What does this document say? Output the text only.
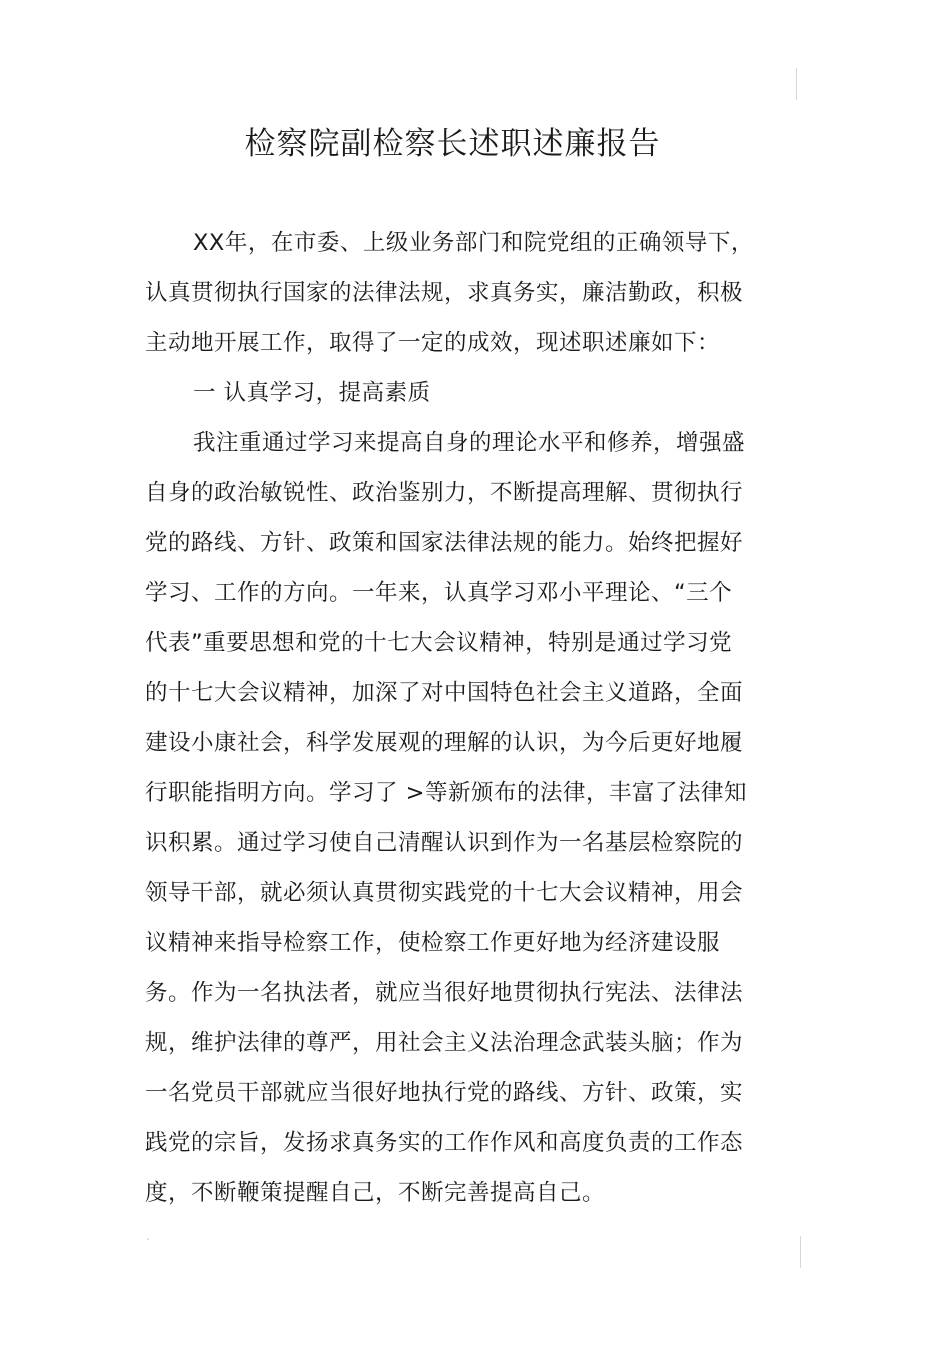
检察院副检察长述职述廉报告
XX年，在市委、上级业务部门和院党组的正确领导下，
认真贯彻执行国家的法律法规，求真务实，廉洁勤政，积极
主动地开展工作，取得了一定的成效，现述职述廉如下：
一 认真学习，提高素质
我注重通过学习来提高自身的理论水平和修养，增强盛
自身的政治敏锐性、政治鉴别力，不断提高理解、贯彻执行
党的路线、方针、政策和国家法律法规的能力。始终把握好
学习、工作的方向。一年来，认真学习邓小平理论、“三个
代表”重要思想和党的十七大会议精神，特别是通过学习党
的十七大会议精神，加深了对中国特色社会主义道路，全面
建设小康社会，科学发展观的理解的认识，为今后更好地履
行职能指明方向。学习了 >等新颁布的法律，丰富了法律知
识积累。通过学习使自己清醒认识到作为一名基层检察院的
领导干部，就必须认真贯彻实践党的十七大会议精神，用会
议精神来指导检察工作，使检察工作更好地为经济建设服
务。作为一名执法者，就应当很好地贯彻执行宪法、法律法
规，维护法律的尊严，用社会主义法治理念武装头脑；作为
一名党员干部就应当很好地执行党的路线、方针、政策，实
践党的宗旨，发扬求真务实的工作作风和高度负责的工作态
度，不断鞭策提醒自己，不断完善提高自己。
